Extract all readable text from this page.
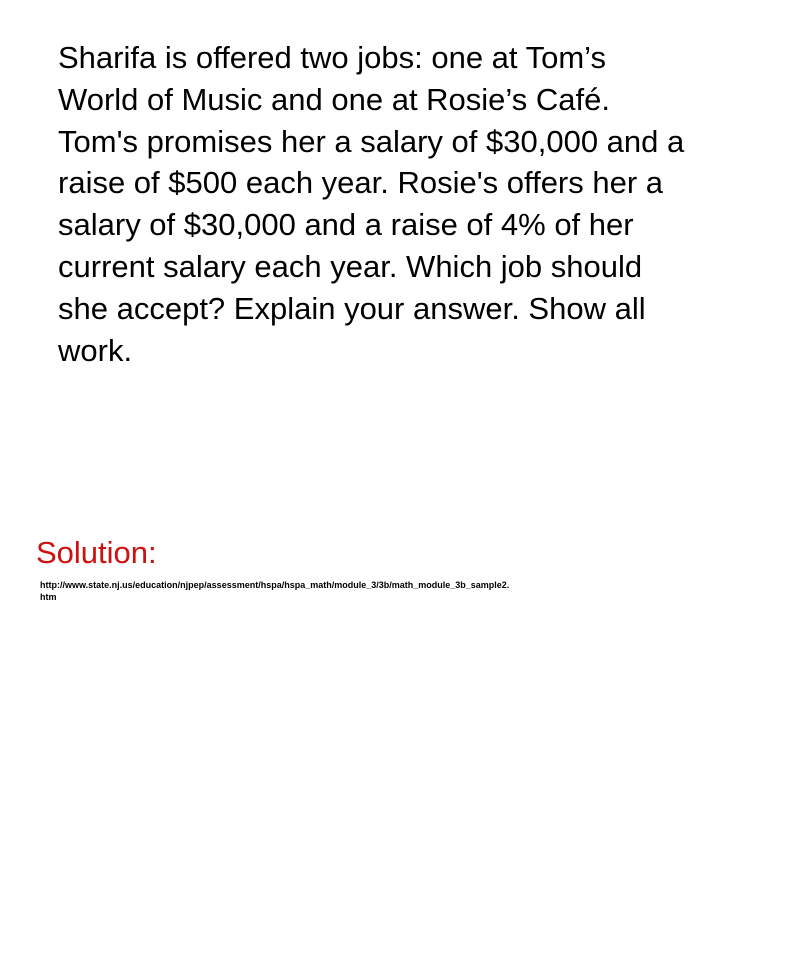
Sharifa is offered two jobs: one at Tom’s
World of Music and one at Rosie’s Café.
Tom's promises her a salary of $30,000 and a
raise of $500 each year. Rosie's offers her a
salary of $30,000 and a raise of 4% of her
current salary each year. Which job should
she accept? Explain your answer. Show all
work.

Solution:
http://www.state.nj.us/education/njpep/assessment/hspa/hspa_math/module_3/3b/math_module_3b_sample2.
htm
